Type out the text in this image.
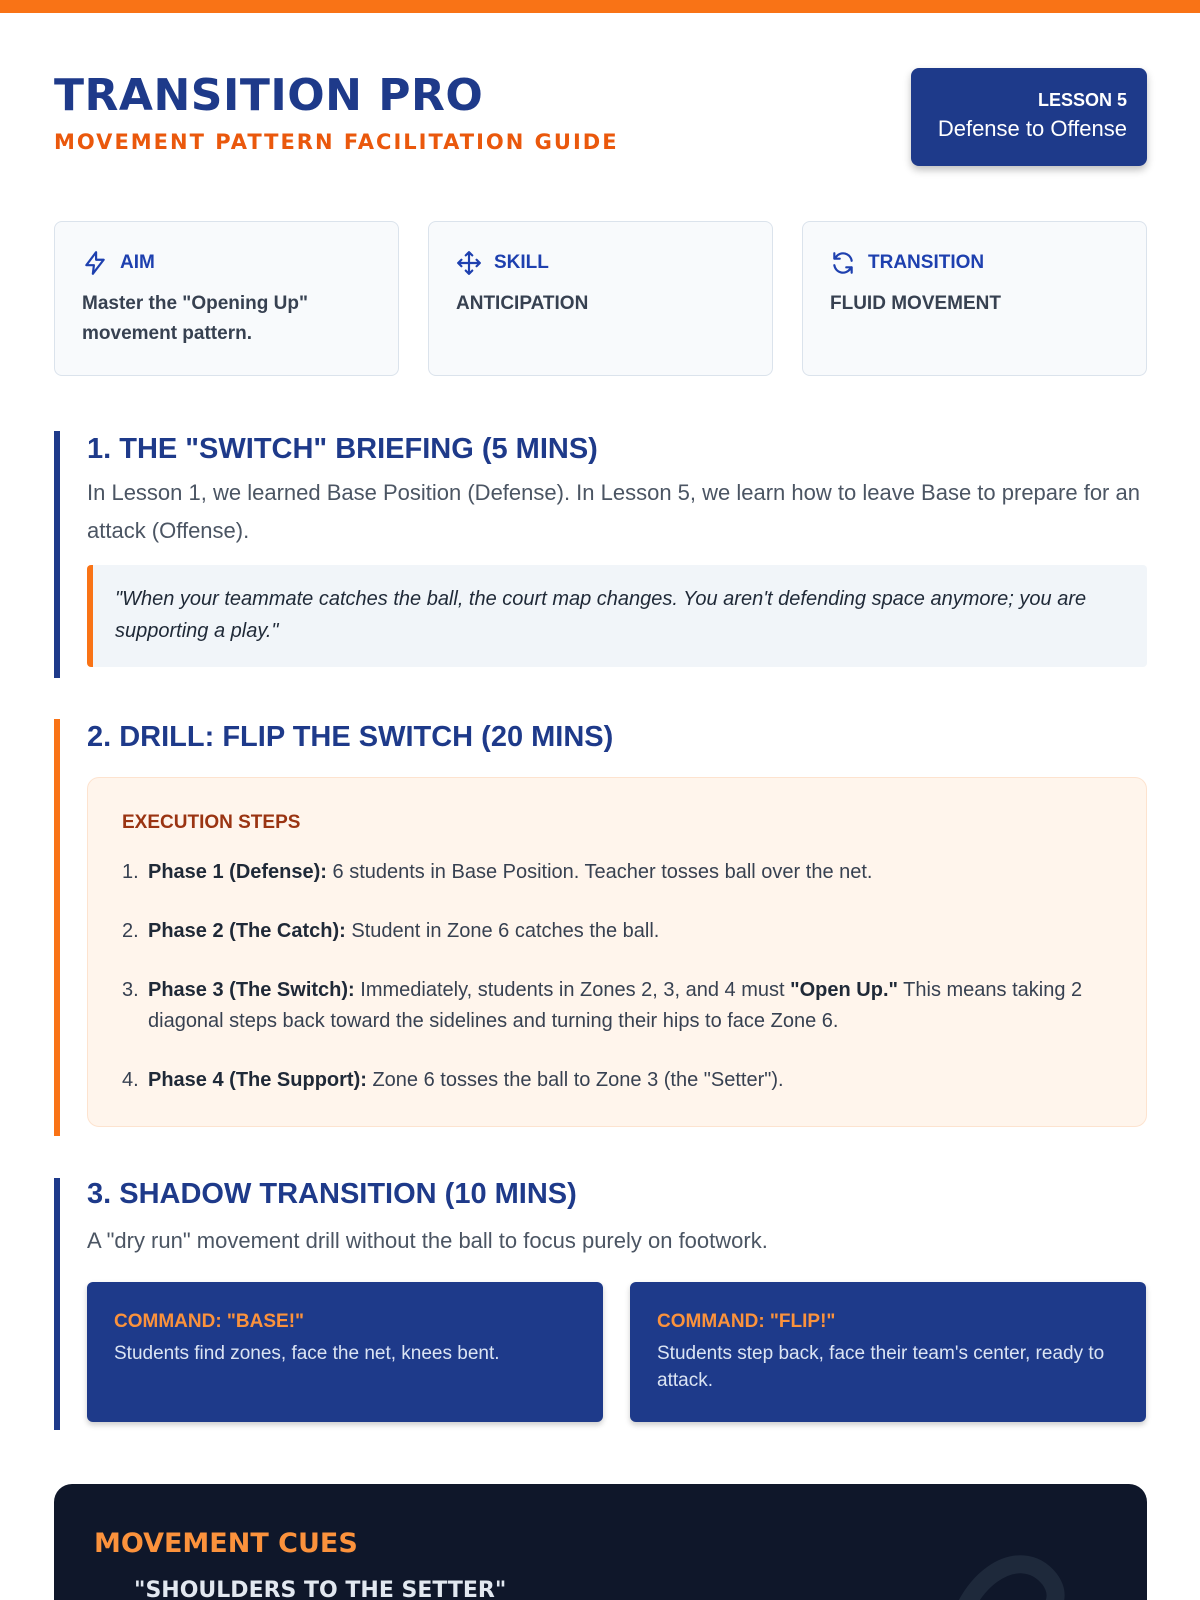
TRANSITION PRO
MOVEMENT PATTERN FACILITATION GUIDE
LESSON 5
Defense to Offense
AIM
Master the "Opening Up" movement pattern.
SKILL
ANTICIPATION
TRANSITION
FLUID MOVEMENT
1. THE "SWITCH" BRIEFING (5 MINS)

In Lesson 1, we learned Base Position (Defense). In Lesson 5, we learn how to leave Base to prepare for an attack (Offense).

"When your teammate catches the ball, the court map changes. You aren't defending space anymore; you are supporting a play."
2. DRILL: FLIP THE SWITCH (20 MINS)
EXECUTION STEPS
1. Phase 1 (Defense): 6 students in Base Position. Teacher tosses ball over the net.
2. Phase 2 (The Catch): Student in Zone 6 catches the ball.
3. Phase 3 (The Switch): Immediately, students in Zones 2, 3, and 4 must "Open Up." This means taking 2 diagonal steps back toward the sidelines and turning their hips to face Zone 6.
4. Phase 4 (The Support): Zone 6 tosses the ball to Zone 3 (the "Setter").
3. SHADOW TRANSITION (10 MINS)

A "dry run" movement drill without the ball to focus purely on footwork.

COMMAND: "BASE!"
Students find zones, face the net, knees bent.
COMMAND: "FLIP!"
Students step back, face their team's center, ready to attack.
MOVEMENT CUES
"SHOULDERS TO THE SETTER"
